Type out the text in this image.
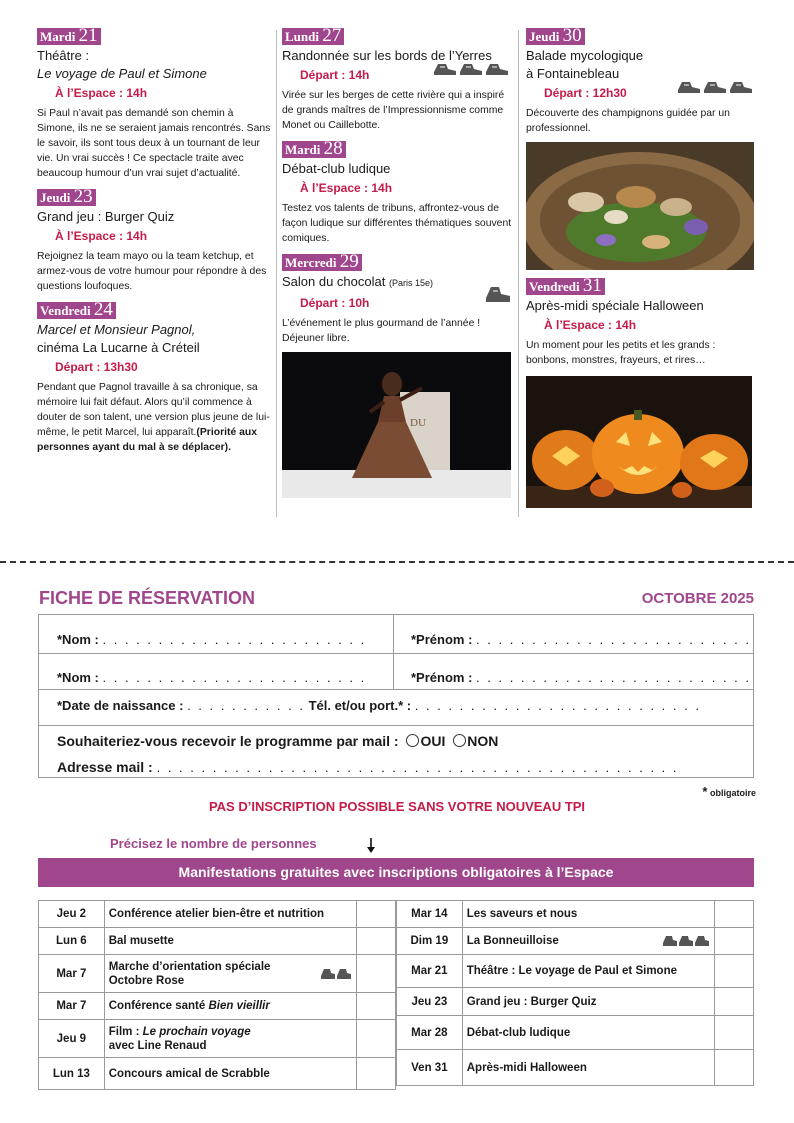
Mardi 21
Théâtre :
Le voyage de Paul et Simone
À l’Espace : 14h
Si Paul n’avait pas demandé son chemin à Simone, ils ne se seraient jamais rencontrés. Sans le savoir, ils sont tous deux à un tournant de leur vie. Un vrai succès ! Ce spectacle traite avec beaucoup humour d’un vrai sujet d’actualité.
Jeudi 23
Grand jeu : Burger Quiz
À l’Espace : 14h
Rejoignez la team mayo ou la team ketchup, et armez-vous de votre humour pour répondre à des questions loufoques.
Vendredi 24
Marcel et Monsieur Pagnol,
cinéma La Lucarne à Créteil
Départ : 13h30
Pendant que Pagnol travaille à sa chronique, sa mémoire lui fait défaut. Alors qu’il commence à douter de son talent, une version plus jeune de lui-même, le petit Marcel, lui apparaît.(Priorité aux personnes ayant du mal à se déplacer).
Lundi 27
Randonnée sur les bords de l’Yerres
Départ : 14h
Virée sur les berges de cette rivière qui a inspiré de grands maîtres de l’Impressionnisme comme Monet ou Caillebotte.
Mardi 28
Débat-club ludique
À l’Espace : 14h
Testez vos talents de tribuns, affrontez-vous de façon ludique sur différentes thématiques souvent comiques.
Mercredi 29
Salon du chocolat (Paris 15e)
Départ : 10h
L’événement le plus gourmand de l’année ! Déjeuner libre.
DU
Jeudi 30
Balade mycologique
à Fontainebleau
Départ : 12h30
Découverte des champignons guidée par un professionnel.
Vendredi 31
Après-midi spéciale Halloween
À l’Espace : 14h
Un moment pour les petits et les grands : bonbons, monstres, frayeurs, et rires…
FICHE DE RÉSERVATION	OCTOBRE 2025
*Nom : . . . . . . . . . . . . . . . . . . . . . . . .	*Prénom : . . . . . . . . . . . . . . . . . . . . . . . . .
*Nom : . . . . . . . . . . . . . . . . . . . . . . . .	*Prénom : . . . . . . . . . . . . . . . . . . . . . . . . .
*Date de naissance : . . . . . . . . . . . Tél. et/ou port.* : . . . . . . . . . . . . . . . . . . . . . . . . . .
Souhaiteriez-vous recevoir le programme par mail : OUI NON
Adresse mail : . . . . . . . . . . . . . . . . . . . . . . . . . . . . . . . . . . . . . . . . . . . . . . .
* obligatoire
PAS D’INSCRIPTION POSSIBLE SANS VOTRE NOUVEAU TPI
Précisez le nombre de personnes
Manifestations gratuites avec inscriptions obligatoires à l’Espace
Jeu 2	Conférence atelier bien-être et nutrition	
Lun 6	Bal musette	
Mar 7	Marche d’orientation spéciale
Octobre Rose

Mar 7	Conférence santé Bien vieillir	
Jeu 9	Film : Le prochain voyage
avec Line Renaud	
Lun 13	Concours amical de Scrabble	
Mar 14	Les saveurs et nous	
Dim 19	La Bonneuilloise

Mar 21	Théâtre : Le voyage de Paul et Simone	
Jeu 23	Grand jeu : Burger Quiz	
Mar 28	Débat-club ludique	
Ven 31	Après-midi Halloween	
